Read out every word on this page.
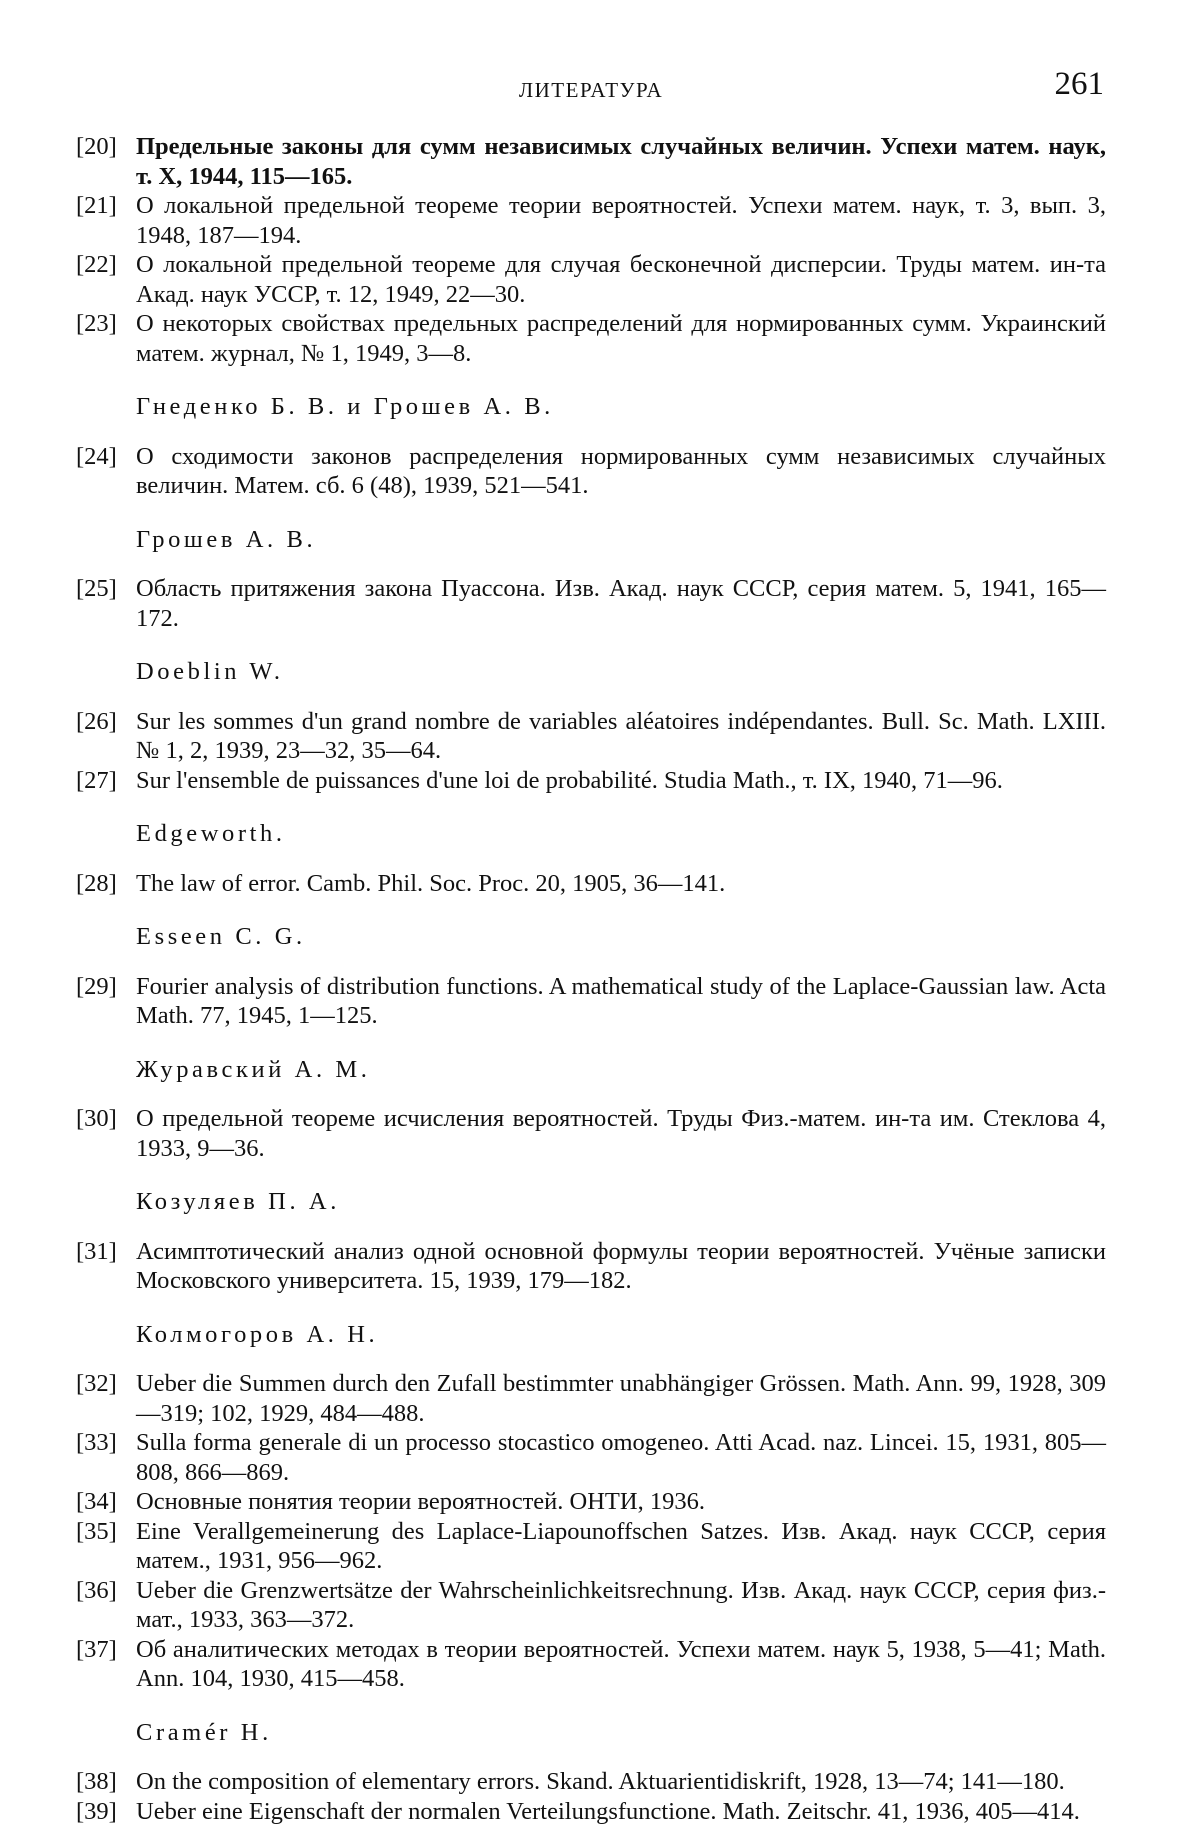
ЛИТЕРАТУРА	261
[20] Предельные законы для сумм независимых случайных величин. Успехи матем. наук, т. X, 1944, 115—165.
[21] О локальной предельной теореме теории вероятностей. Успехи матем. наук, т. 3, вып. 3, 1948, 187—194.
[22] О локальной предельной теореме для случая бесконечной дисперсии. Труды матем. ин-та Акад. наук УССР, т. 12, 1949, 22—30.
[23] О некоторых свойствах предельных распределений для нормированных сумм. Украинский матем. журнал, № 1, 1949, 3—8.
Гнеденко Б. В. и Грошев А. В.
[24] О сходимости законов распределения нормированных сумм независимых случайных величин. Матем. сб. 6 (48), 1939, 521—541.
Грошев А. В.
[25] Область притяжения закона Пуассона. Изв. Акад. наук СССР, серия матем. 5, 1941, 165—172.
Doeblin W.
[26] Sur les sommes d'un grand nombre de variables aléatoires indépendantes. Bull. Sc. Math. LXIII. № 1, 2, 1939, 23—32, 35—64.
[27] Sur l'ensemble de puissances d'une loi de probabilité. Studia Math., т. IX, 1940, 71—96.
Edgeworth.
[28] The law of error. Camb. Phil. Soc. Proc. 20, 1905, 36—141.
Esseen C. G.
[29] Fourier analysis of distribution functions. A mathematical study of the Laplace-Gaussian law. Acta Math. 77, 1945, 1—125.
Журавский А. М.
[30] О предельной теореме исчисления вероятностей. Труды Физ.-матем. ин-та им. Стеклова 4, 1933, 9—36.
Козуляев П. А.
[31] Асимптотический анализ одной основной формулы теории вероятностей. Учёные записки Московского университета. 15, 1939, 179—182.
Колмогоров А. Н.
[32] Ueber die Summen durch den Zufall bestimmter unabhängiger Grössen. Math. Ann. 99, 1928, 309—319; 102, 1929, 484—488.
[33] Sulla forma generale di un processo stocastico omogeneo. Atti Acad. naz. Lincei. 15, 1931, 805—808, 866—869.
[34] Основные понятия теории вероятностей. ОНТИ, 1936.
[35] Eine Verallgemeinerung des Laplace-Liapounoffschen Satzes. Изв. Акад. наук СССР, серия матем., 1931, 956—962.
[36] Ueber die Grenzwertsätze der Wahrscheinlichkeitsrechnung. Изв. Акад. наук СССР, серия физ.-мат., 1933, 363—372.
[37] Об аналитических методах в теории вероятностей. Успехи матем. наук 5, 1938, 5—41; Math. Ann. 104, 1930, 415—458.
Cramér H.
[38] On the composition of elementary errors. Skand. Aktuarientidiskrift, 1928, 13—74; 141—180.
[39] Ueber eine Eigenschaft der normalen Verteilungsfunctione. Math. Zeitschr. 41, 1936, 405—414.
